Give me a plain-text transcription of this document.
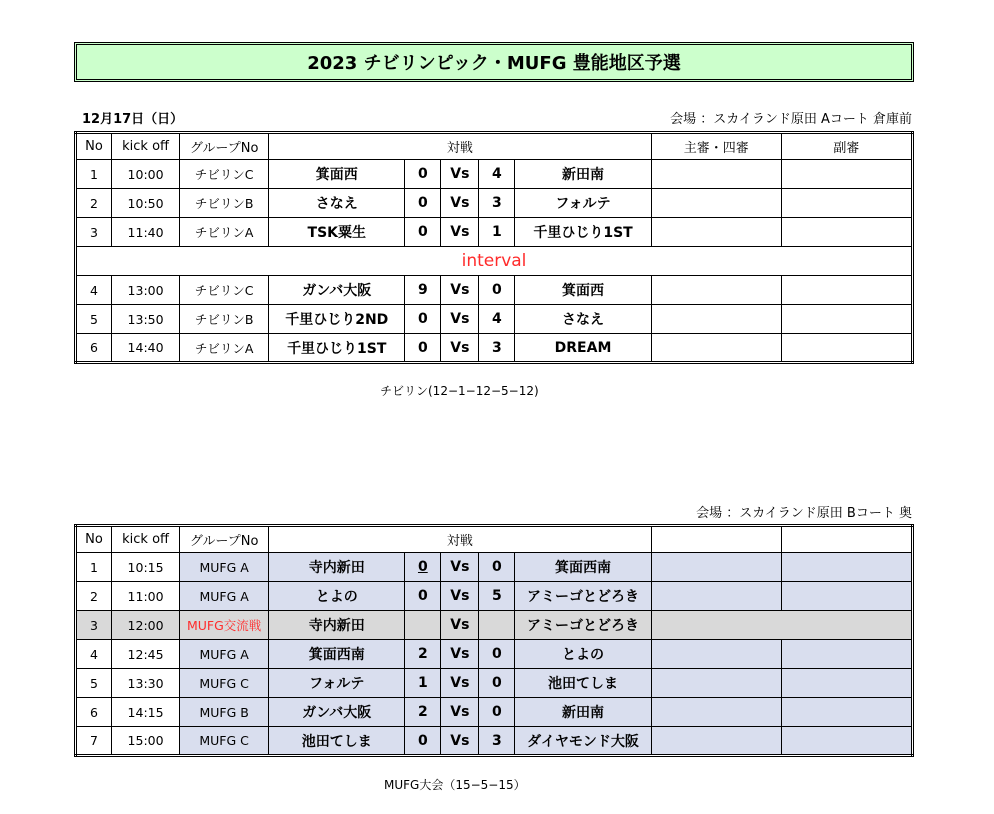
2023 チビリンピック・MUFG 豊能地区予選
12月17日（日）	会場 ：スカイランド原田 Aコート 倉庫前
No	kick off	グループNo	対戦					主審・四審	副審
1	10:00	チビリンC	箕面西	0	Vs	4	新田南		
2	10:50	チビリンB	さなえ	0	Vs	3	フォルテ		
3	11:40	チビリンA	TSK粟生	0	Vs	1	千里ひじり1ST		
interval									
4	13:00	チビリンC	ガンバ大阪	9	Vs	0	箕面西		
5	13:50	チビリンB	千里ひじり2ND	0	Vs	4	さなえ		
6	14:40	チビリンA	千里ひじり1ST	0	Vs	3	DREAM		
チビリン(12−1−12−5−12)
会場 ：スカイランド原田 Bコート 奥
No	kick off	グループNo	対戦						
1	10:15	MUFG A	寺内新田	0	Vs	0	箕面西南		
2	11:00	MUFG A	とよの	0	Vs	5	アミーゴとどろき		
3	12:00	MUFG交流戦	寺内新田		Vs		アミーゴとどろき		
4	12:45	MUFG A	箕面西南	2	Vs	0	とよの		
5	13:30	MUFG C	フォルテ	1	Vs	0	池田てしま		
6	14:15	MUFG B	ガンバ大阪	2	Vs	0	新田南		
7	15:00	MUFG C	池田てしま	0	Vs	3	ダイヤモンド大阪		
MUFG大会（15−5−15）
